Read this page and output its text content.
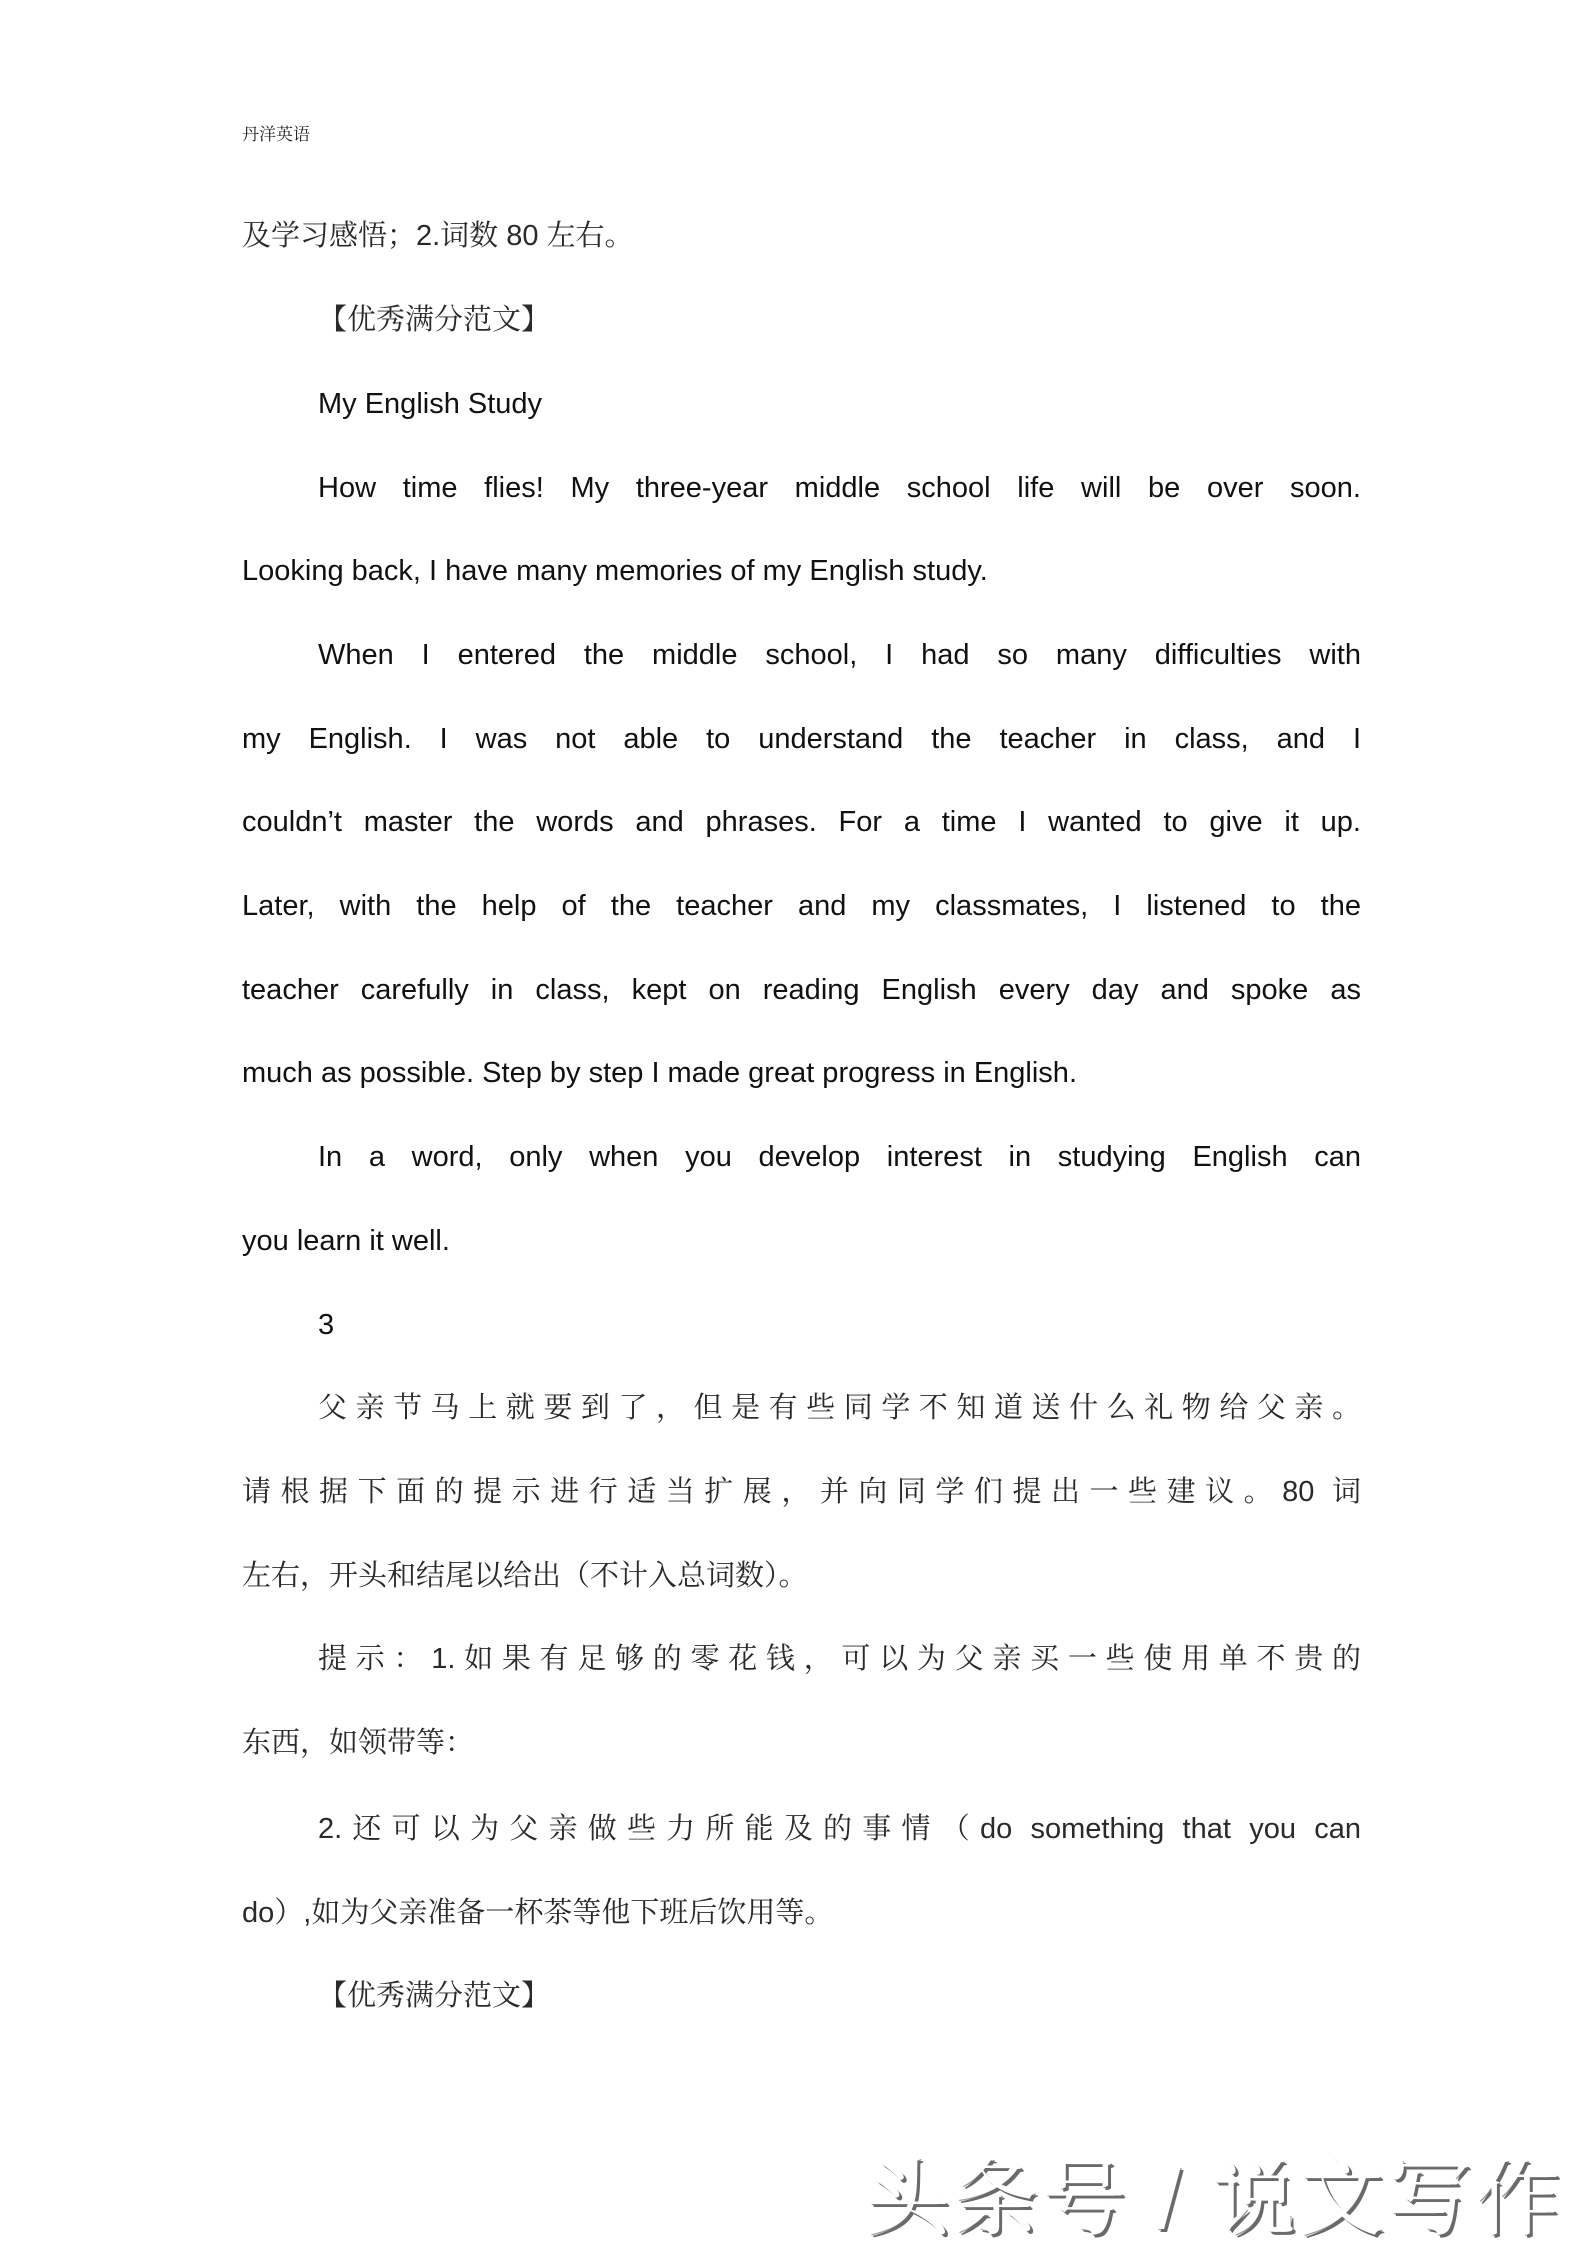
丹洋英语
及学习感悟；2.词数 80 左右。
【优秀满分范文】
My English Study
How time flies! My three-year middle school life will be over soon.
Looking back, I have many memories of my English study.
When I entered the middle school, I had so many difficulties with
my English. I was not able to understand the teacher in class, and I
couldn’t master the words and phrases. For a time I wanted to give it up.
Later, with the help of the teacher and my classmates, I listened to the
teacher carefully in class, kept on reading English every day and spoke as
much as possible. Step by step I made great progress in English.
In a word, only when you develop interest in studying English can
you learn it well.
3
父亲节马上就要到了，但是有些同学不知道送什么礼物给父亲。
请根据下面的提示进行适当扩展，并向同学们提出一些建议。80 词
左右，开头和结尾以给出（不计入总词数）。
提示：1.如果有足够的零花钱，可以为父亲买一些使用单不贵的
东西，如领带等：
2.还可以为父亲做些力所能及的事情（do something that you can
do）,如为父亲准备一杯茶等他下班后饮用等。
【优秀满分范文】
头条号 / 说文写作
